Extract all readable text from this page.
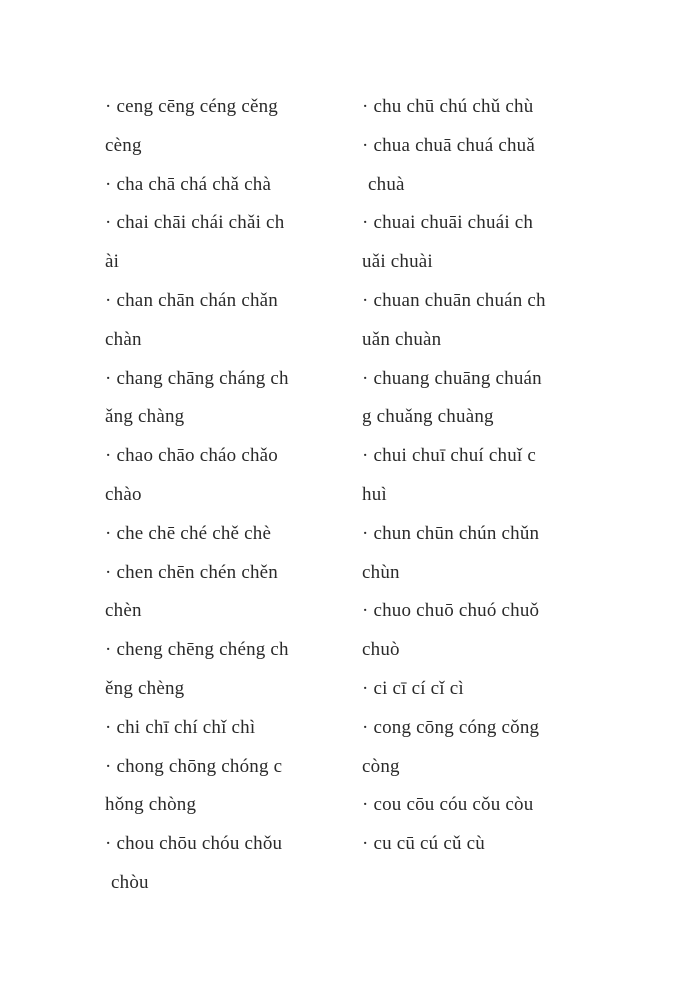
· ceng cēng céng cěng
cèng
· cha chā chá chǎ chà
· chai chāi chái chǎi ch
ài
· chan chān chán chǎn
chàn
· chang chāng cháng ch
ǎng chàng
· chao chāo cháo chǎo
chào
· che chē ché chě chè
· chen chēn chén chěn
chèn
· cheng chēng chéng ch
ěng chèng
· chi chī chí chǐ chì
· chong chōng chóng c
hǒng chòng
· chou chōu chóu chǒu
chòu
· chu chū chú chǔ chù
· chua chuā chuá chuǎ
chuà
· chuai chuāi chuái ch
uǎi chuài
· chuan chuān chuán ch
uǎn chuàn
· chuang chuāng chuán
g chuǎng chuàng
· chui chuī chuí chuǐ c
huì
· chun chūn chún chǔn
chùn
· chuo chuō chuó chuǒ
chuò
· ci cī cí cǐ cì
· cong cōng cóng cǒng
còng
· cou cōu cóu cǒu còu
· cu cū cú cǔ cù
